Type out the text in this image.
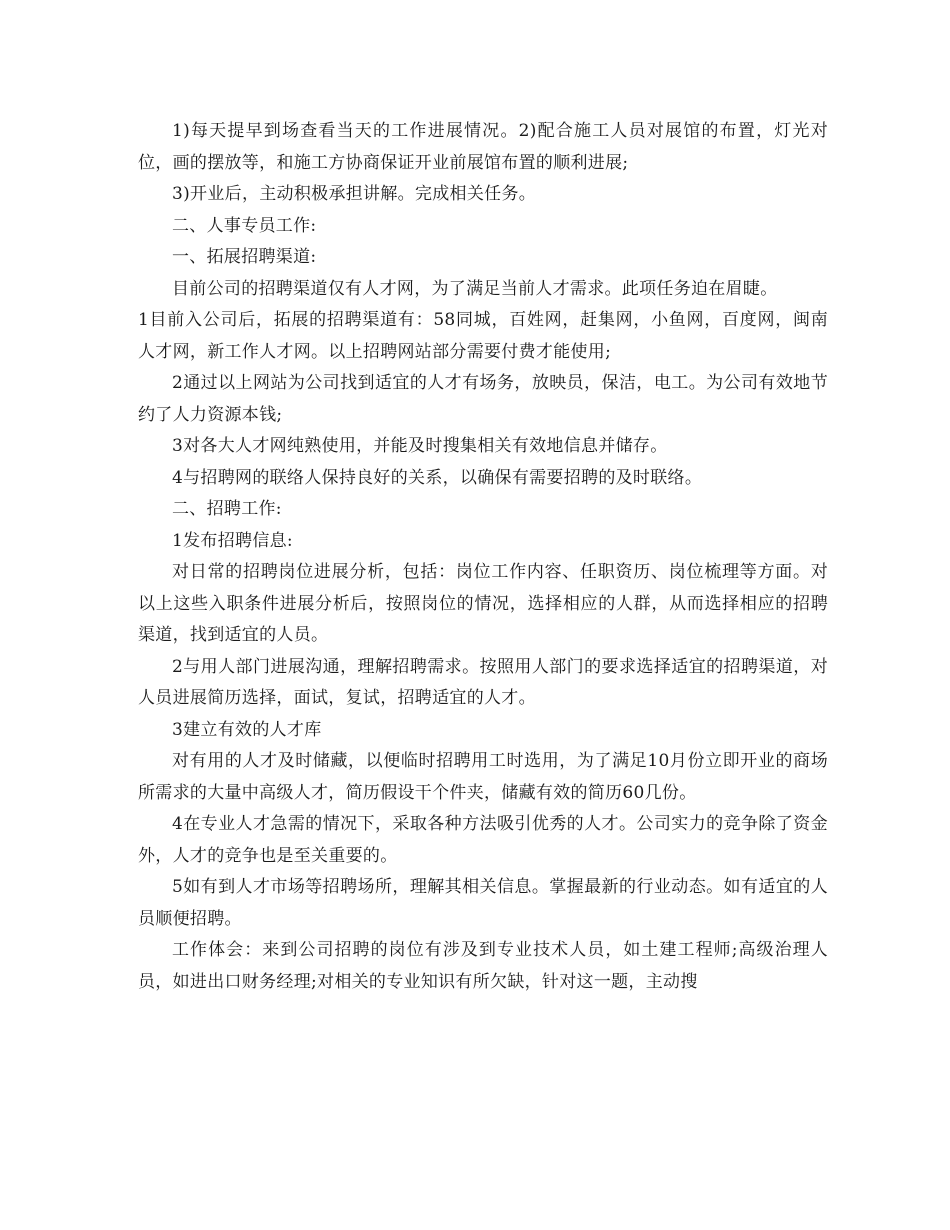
1)每天提早到场查看当天的工作进展情况。2)配合施工人员对展馆的布置，灯光对位，画的摆放等，和施工方协商保证开业前展馆布置的顺利进展;

3)开业后，主动积极承担讲解。完成相关任务。

二、人事专员工作:

一、拓展招聘渠道:

目前公司的招聘渠道仅有人才网，为了满足当前人才需求。此项任务迫在眉睫。

1目前入公司后，拓展的招聘渠道有：58同城，百姓网，赶集网，小鱼网，百度网，闽南人才网，新工作人才网。以上招聘网站部分需要付费才能使用;

2通过以上网站为公司找到适宜的人才有场务，放映员，保洁，电工。为公司有效地节约了人力资源本钱;

3对各大人才网纯熟使用，并能及时搜集相关有效地信息并储存。

4与招聘网的联络人保持良好的关系，以确保有需要招聘的及时联络。

二、招聘工作:

1发布招聘信息:

对日常的招聘岗位进展分析，包括：岗位工作内容、任职资历、岗位梳理等方面。对以上这些入职条件进展分析后，按照岗位的情况，选择相应的人群，从而选择相应的招聘渠道，找到适宜的人员。

2与用人部门进展沟通，理解招聘需求。按照用人部门的要求选择适宜的招聘渠道，对人员进展简历选择，面试，复试，招聘适宜的人才。

3建立有效的人才库

对有用的人才及时储藏，以便临时招聘用工时选用，为了满足10月份立即开业的商场所需求的大量中高级人才，简历假设干个件夹，储藏有效的简历60几份。

4在专业人才急需的情况下，采取各种方法吸引优秀的人才。公司实力的竞争除了资金外，人才的竞争也是至关重要的。

5如有到人才市场等招聘场所，理解其相关信息。掌握最新的行业动态。如有适宜的人员顺便招聘。

工作体会：来到公司招聘的岗位有涉及到专业技术人员，如土建工程师;高级治理人员，如进出口财务经理;对相关的专业知识有所欠缺，针对这一题，主动搜
